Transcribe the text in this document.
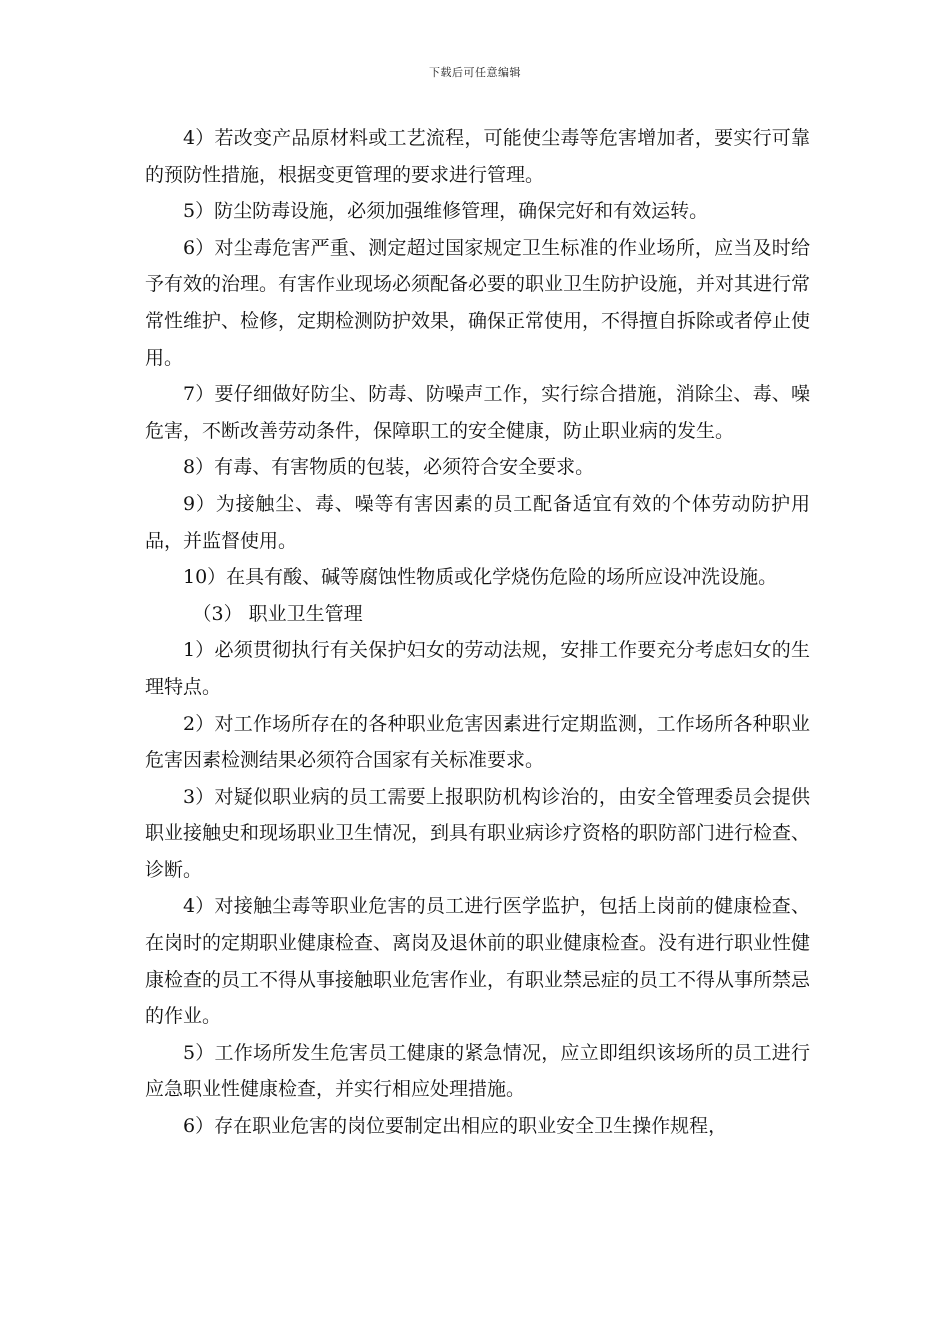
下载后可任意编辑

4）若改变产品原材料或工艺流程，可能使尘毒等危害增加者，要实行可靠的预防性措施，根据变更管理的要求进行管理。

5）防尘防毒设施，必须加强维修管理，确保完好和有效运转。

6）对尘毒危害严重、测定超过国家规定卫生标准的作业场所，应当及时给予有效的治理。有害作业现场必须配备必要的职业卫生防护设施，并对其进行常常性维护、检修，定期检测防护效果，确保正常使用，不得擅自拆除或者停止使用。

7）要仔细做好防尘、防毒、防噪声工作，实行综合措施，消除尘、毒、噪危害，不断改善劳动条件，保障职工的安全健康，防止职业病的发生。

8）有毒、有害物质的包装，必须符合安全要求。

9）为接触尘、毒、噪等有害因素的员工配备适宜有效的个体劳动防护用品，并监督使用。

10）在具有酸、碱等腐蚀性物质或化学烧伤危险的场所应设冲洗设施。

（3） 职业卫生管理

1）必须贯彻执行有关保护妇女的劳动法规，安排工作要充分考虑妇女的生理特点。

2）对工作场所存在的各种职业危害因素进行定期监测，工作场所各种职业危害因素检测结果必须符合国家有关标准要求。

3）对疑似职业病的员工需要上报职防机构诊治的，由安全管理委员会提供职业接触史和现场职业卫生情况，到具有职业病诊疗资格的职防部门进行检查、诊断。

4）对接触尘毒等职业危害的员工进行医学监护，包括上岗前的健康检查、在岗时的定期职业健康检查、离岗及退休前的职业健康检查。没有进行职业性健康检查的员工不得从事接触职业危害作业，有职业禁忌症的员工不得从事所禁忌的作业。

5）工作场所发生危害员工健康的紧急情况，应立即组织该场所的员工进行应急职业性健康检查，并实行相应处理措施。

6）存在职业危害的岗位要制定出相应的职业安全卫生操作规程，
